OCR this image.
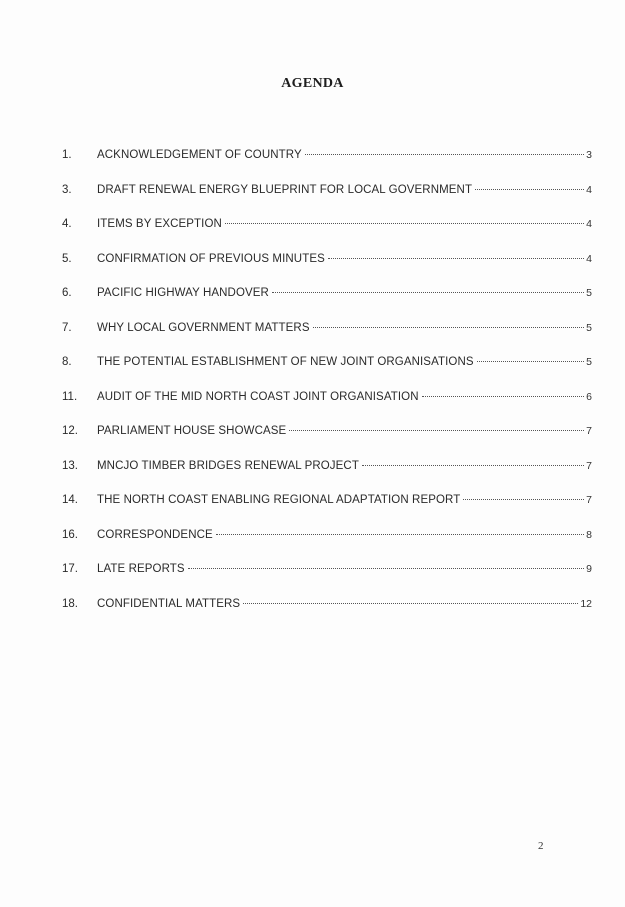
AGENDA
1.	ACKNOWLEDGEMENT OF COUNTRY	3
3.	DRAFT RENEWAL ENERGY BLUEPRINT FOR LOCAL GOVERNMENT	4
4.	ITEMS BY EXCEPTION	4
5.	CONFIRMATION OF PREVIOUS MINUTES	4
6.	PACIFIC HIGHWAY HANDOVER	5
7.	WHY LOCAL GOVERNMENT MATTERS	5
8.	THE POTENTIAL ESTABLISHMENT OF NEW JOINT ORGANISATIONS	5
11.	AUDIT OF THE MID NORTH COAST JOINT ORGANISATION	6
12.	PARLIAMENT HOUSE SHOWCASE	7
13.	MNCJO TIMBER BRIDGES RENEWAL PROJECT	7
14.	THE NORTH COAST ENABLING REGIONAL ADAPTATION REPORT	7
16.	CORRESPONDENCE	8
17.	LATE REPORTS	9
18.	CONFIDENTIAL MATTERS	12
2
